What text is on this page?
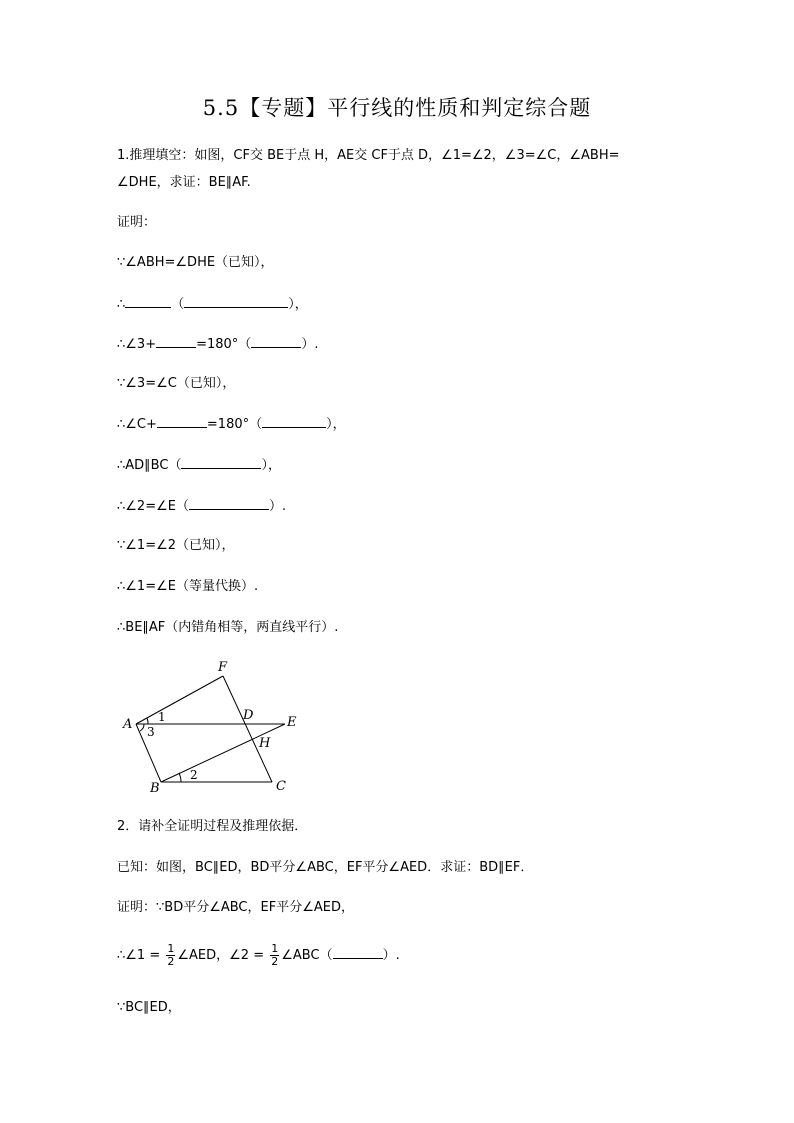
5.5【专题】平行线的性质和判定综合题
1.推理填空：如图，CF交 BE于点 H，AE交 CF于点 D，∠1=∠2，∠3=∠C，∠ABH=
∠DHE，求证：BE∥AF.
证明：
∵∠ABH=∠DHE（已知），
∴	（	），
∴∠3+	=180°（	）.
∵∠3=∠C（已知），
∴∠C+	=180°（	），
∴AD∥BC（	），
∴∠2=∠E（	）.
∵∠1=∠2（已知），
∴∠1=∠E（等量代换）.
∴BE∥AF（内错角相等，两直线平行）.
F
A
D	E
H
B	C
1
3
2
2．请补全证明过程及推理依据．
已知：如图，BC∥ED，BD平分∠ABC，EF平分∠AED．求证：BD∥EF．
证明：∵BD平分∠ABC，EF平分∠AED，
∴∠1 = $\frac{1}{2}$ ∠AED，∠2 = $\frac{1}{2}$ ∠ABC（	）.
∵BC∥ED，
